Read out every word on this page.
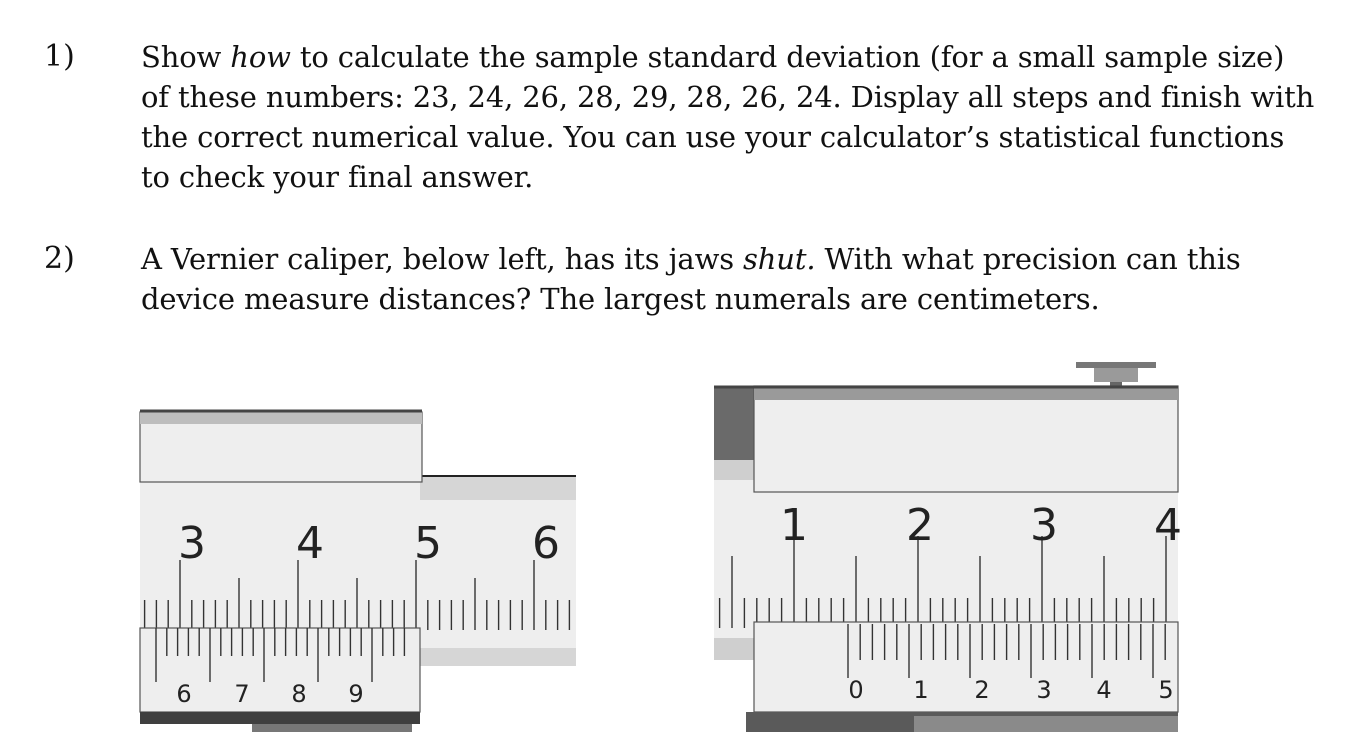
1) Show how to calculate the sample standard deviation (for a small sample size) of these numbers: 23, 24, 26, 28, 29, 28, 26, 24. Display all steps and finish with the correct numerical value. You can use your calculator’s statistical functions to check your final answer.
2) A Vernier caliper, below left, has its jaws shut. With what precision can this device measure distances? The largest numerals are centimeters.
3 4 5 6
6 7 8 9
1 2 3 4
0 1 2 3 4 5
